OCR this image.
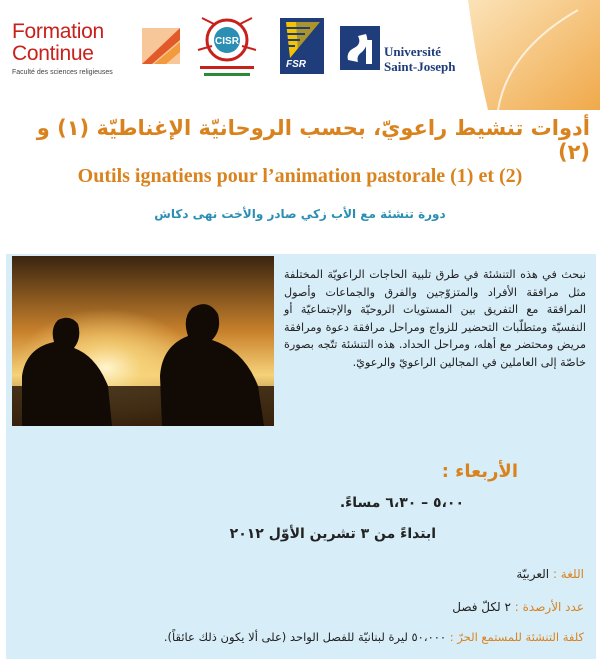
Formation
Continue
Faculté des sciences religieuses
CISR
FSR
Université
Saint-Joseph
أدوات تنشيط راعويّ، بحسب الروحانيّة الإغناطيّة (١) و (٢)
Outils ignatiens pour l’animation pastorale (1) et (2)
دورة تنشئة مع الأب زكي صادر والأخت نهى دكاش
نبحث في هذه التنشئة في طرق تلبية الحاجات الراعويّة المختلفة مثل مرافقة الأفراد والمتزوّجين والفرق والجماعات وأصول المرافقة مع التفريق بين المستويات الروحيّة والإجتماعيّة أو النفسيّة ومتطلّبات التحضير للزواج ومراحل مرافقة دعوة ومرافقة مريض ومحتضر مع أهله، ومراحل الحداد. هذه التنشئة تتّجه بصورة خاصّة إلى العاملين في المجالين الراعويّ والرعويّ.
الأربعاء :
٥،٠٠ – ٦،٣٠ مساءً.
ابتداءً من ٣ تشرين الأوّل ٢٠١٢
اللغة : العربيّة
عدد الأرصدة : ٢ لكلّ فصل
كلفة التنشئة للمستمع الحرّ : ٥٠،٠٠٠ ليرة لبنانيّة للفصل الواحد (على ألا يكون ذلك عائقاً).
